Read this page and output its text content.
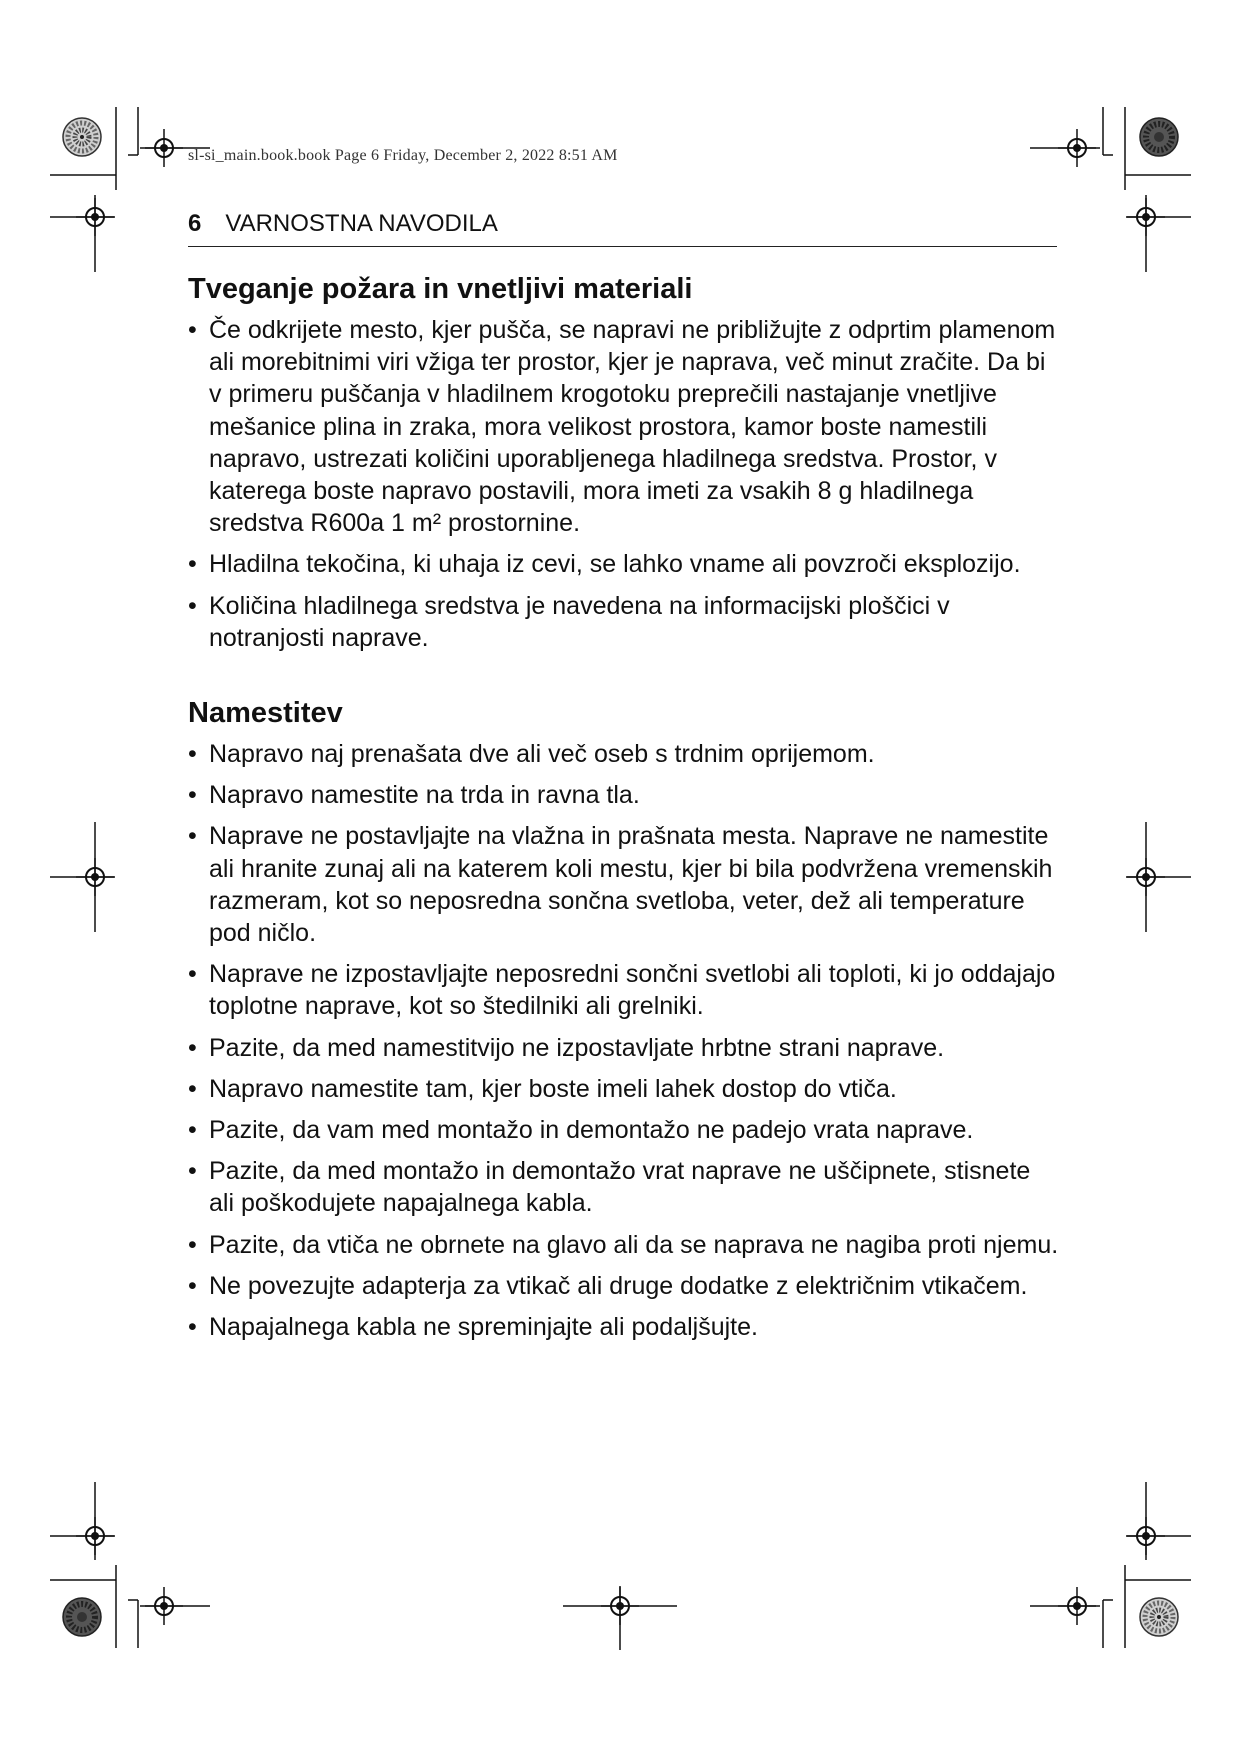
sl-si_main.book.book Page 6 Friday, December 2, 2022 8:51 AM
6 VARNOSTNA NAVODILA
Tveganje požara in vnetljivi materiali
• Če odkrijete mesto, kjer pušča, se napravi ne približujte z odprtim plamenom ali morebitnimi viri vžiga ter prostor, kjer je naprava, več minut zračite. Da bi v primeru puščanja v hladilnem krogotoku preprečili nastajanje vnetljive mešanice plina in zraka, mora velikost prostora, kamor boste namestili napravo, ustrezati količini uporabljenega hladilnega sredstva. Prostor, v katerega boste napravo postavili, mora imeti za vsakih 8 g hladilnega sredstva R600a 1 m² prostornine.
• Hladilna tekočina, ki uhaja iz cevi, se lahko vname ali povzroči eksplozijo.
• Količina hladilnega sredstva je navedena na informacijski ploščici v notranjosti naprave.
Namestitev
• Napravo naj prenašata dve ali več oseb s trdnim oprijemom.
• Napravo namestite na trda in ravna tla.
• Naprave ne postavljajte na vlažna in prašnata mesta. Naprave ne namestite ali hranite zunaj ali na katerem koli mestu, kjer bi bila podvržena vremenskih razmeram, kot so neposredna sončna svetloba, veter, dež ali temperature pod ničlo.
• Naprave ne izpostavljajte neposredni sončni svetlobi ali toploti, ki jo oddajajo toplotne naprave, kot so štedilniki ali grelniki.
• Pazite, da med namestitvijo ne izpostavljate hrbtne strani naprave.
• Napravo namestite tam, kjer boste imeli lahek dostop do vtiča.
• Pazite, da vam med montažo in demontažo ne padejo vrata naprave.
• Pazite, da med montažo in demontažo vrat naprave ne uščipnete, stisnete ali poškodujete napajalnega kabla.
• Pazite, da vtiča ne obrnete na glavo ali da se naprava ne nagiba proti njemu.
• Ne povezujte adapterja za vtikač ali druge dodatke z električnim vtikačem.
• Napajalnega kabla ne spreminjajte ali podaljšujte.
